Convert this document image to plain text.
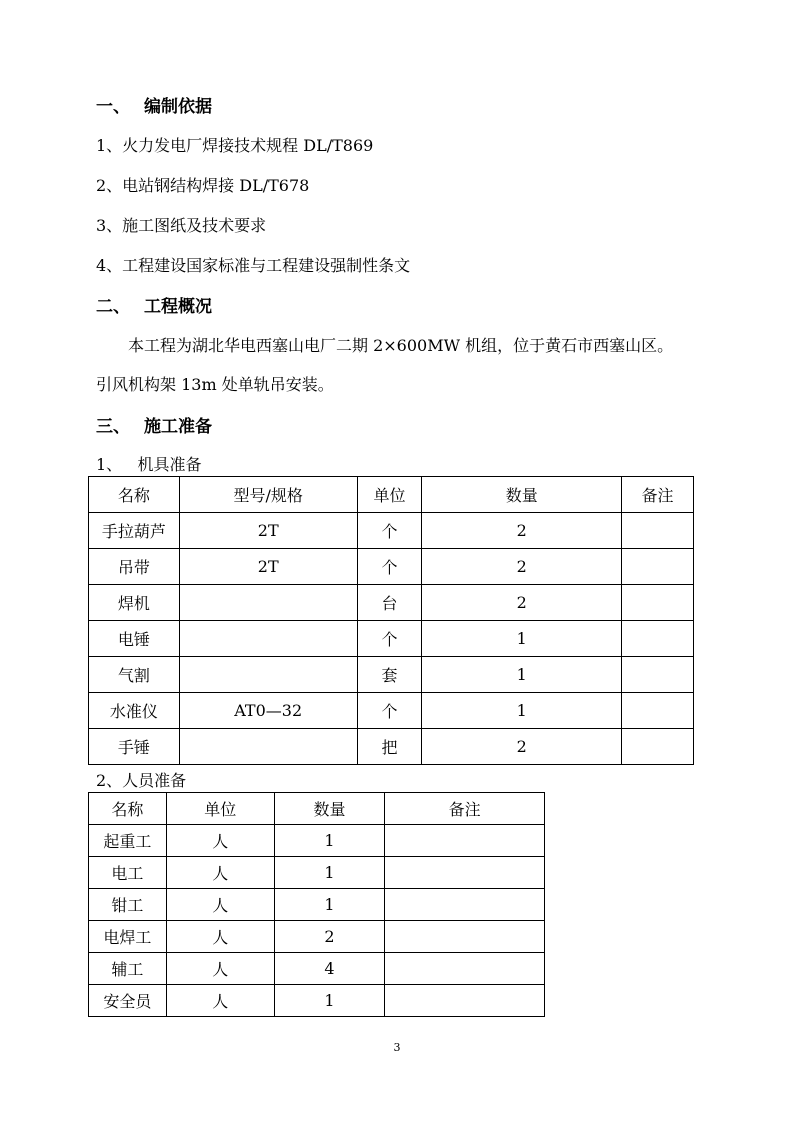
一、 编制依据
1、火力发电厂焊接技术规程 DL/T869
2、电站钢结构焊接 DL/T678
3、施工图纸及技术要求
4、工程建设国家标准与工程建设强制性条文
二、 工程概况
本工程为湖北华电西塞山电厂二期 2×600MW 机组，位于黄石市西塞山区。
引风机构架 13m 处单轨吊安装。
三、 施工准备
1、   机具准备
名称	型号/规格	单位	数量	备注
手拉葫芦	2T	个	2	
吊带	2T	个	2	
焊机		台	2	
电锤		个	1	
气割		套	1	
水准仪	AT0—32	个	1	
手锤		把	2	
2、人员准备
名称	单位	数量	备注
起重工	人	1	
电工	人	1	
钳工	人	1	
电焊工	人	2	
辅工	人	4	
安全员	人	1	
3
